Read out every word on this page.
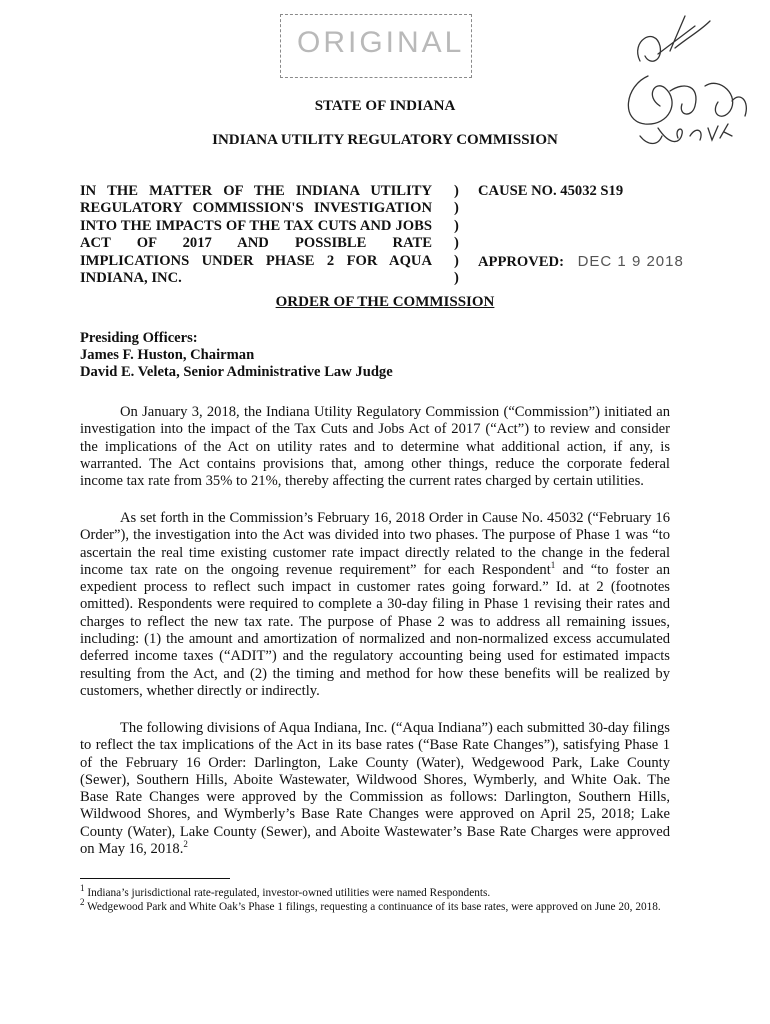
ORIGINAL
STATE OF INDIANA
INDIANA UTILITY REGULATORY COMMISSION
IN THE MATTER OF THE INDIANA UTILITY
REGULATORY COMMISSION'S INVESTIGATION
INTO THE IMPACTS OF THE TAX CUTS AND JOBS
ACT OF 2017 AND POSSIBLE RATE
IMPLICATIONS UNDER PHASE 2 FOR AQUA
INDIANA, INC.
)
)
)
)
)
)
CAUSE NO. 45032 S19
APPROVED: DEC 1 9 2018
ORDER OF THE COMMISSION
Presiding Officers:
James F. Huston, Chairman
David E. Veleta, Senior Administrative Law Judge

On January 3, 2018, the Indiana Utility Regulatory Commission (“Commission”) initiated an investigation into the impact of the Tax Cuts and Jobs Act of 2017 (“Act”) to review and consider the implications of the Act on utility rates and to determine what additional action, if any, is warranted. The Act contains provisions that, among other things, reduce the corporate federal income tax rate from 35% to 21%, thereby affecting the current rates charged by certain utilities.

As set forth in the Commission’s February 16, 2018 Order in Cause No. 45032 (“February 16 Order”), the investigation into the Act was divided into two phases. The purpose of Phase 1 was “to ascertain the real time existing customer rate impact directly related to the change in the federal income tax rate on the ongoing revenue requirement” for each Respondent$^1$ and “to foster an expedient process to reflect such impact in customer rates going forward.” Id. at 2 (footnotes omitted). Respondents were required to complete a 30-day filing in Phase 1 revising their rates and charges to reflect the new tax rate. The purpose of Phase 2 was to address all remaining issues, including: (1) the amount and amortization of normalized and non-normalized excess accumulated deferred income taxes (“ADIT”) and the regulatory accounting being used for estimated impacts resulting from the Act, and (2) the timing and method for how these benefits will be realized by customers, whether directly or indirectly.

The following divisions of Aqua Indiana, Inc. (“Aqua Indiana”) each submitted 30-day filings to reflect the tax implications of the Act in its base rates (“Base Rate Changes”), satisfying Phase 1 of the February 16 Order: Darlington, Lake County (Water), Wedgewood Park, Lake County (Sewer), Southern Hills, Aboite Wastewater, Wildwood Shores, Wymberly, and White Oak. The Base Rate Changes were approved by the Commission as follows: Darlington, Southern Hills, Wildwood Shores, and Wymberly’s Base Rate Changes were approved on April 25, 2018; Lake County (Water), Lake County (Sewer), and Aboite Wastewater’s Base Rate Charges were approved on May 16, 2018.$^2$

$^1$ Indiana’s jurisdictional rate-regulated, investor-owned utilities were named Respondents.
$^2$ Wedgewood Park and White Oak’s Phase 1 filings, requesting a continuance of its base rates, were approved on June 20, 2018.
